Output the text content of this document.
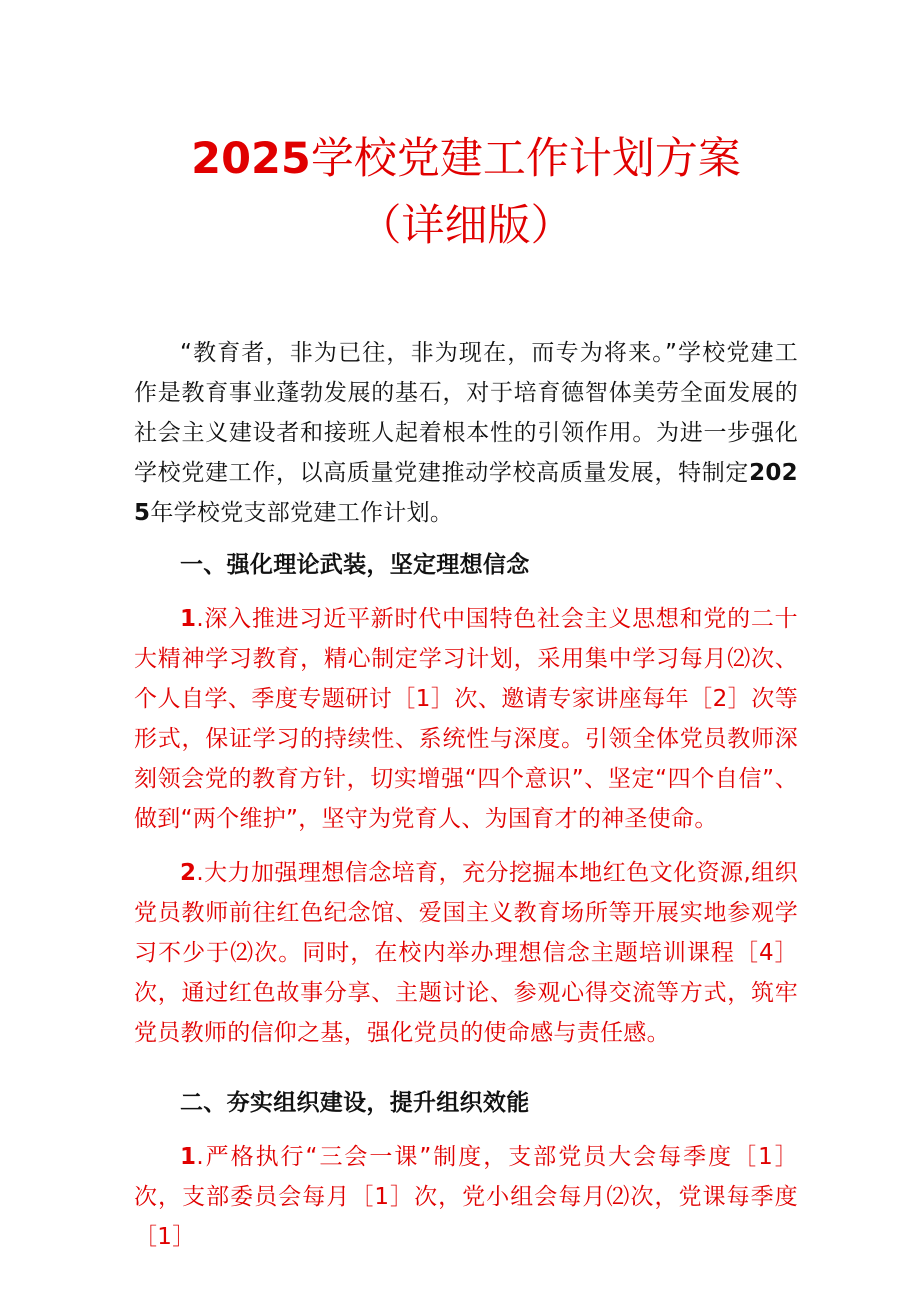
2025学校党建工作计划方案
（详细版）

“教育者，非为已往，非为现在，而专为将来。”学校党建工作是教育事业蓬勃发展的基石，对于培育德智体美劳全面发展的社会主义建设者和接班人起着根本性的引领作用。为进一步强化学校党建工作，以高质量党建推动学校高质量发展，特制定2025年学校党支部党建工作计划。

一、强化理论武装，坚定理想信念

1.深入推进习近平新时代中国特色社会主义思想和党的二十大精神学习教育，精心制定学习计划，采用集中学习每月⑵次、个人自学、季度专题研讨［1］次、邀请专家讲座每年［2］次等形式，保证学习的持续性、系统性与深度。引领全体党员教师深刻领会党的教育方针，切实增强“四个意识”、坚定“四个自信”、做到“两个维护”，坚守为党育人、为国育才的神圣使命。

2.大力加强理想信念培育，充分挖掘本地红色文化资源,组织党员教师前往红色纪念馆、爱国主义教育场所等开展实地参观学习不少于⑵次。同时，在校内举办理想信念主题培训课程［4］次，通过红色故事分享、主题讨论、参观心得交流等方式，筑牢党员教师的信仰之基，强化党员的使命感与责任感。

二、夯实组织建设，提升组织效能

1.严格执行“三会一课”制度，支部党员大会每季度［1］次，支部委员会每月［1］次，党小组会每月⑵次，党课每季度［1］
